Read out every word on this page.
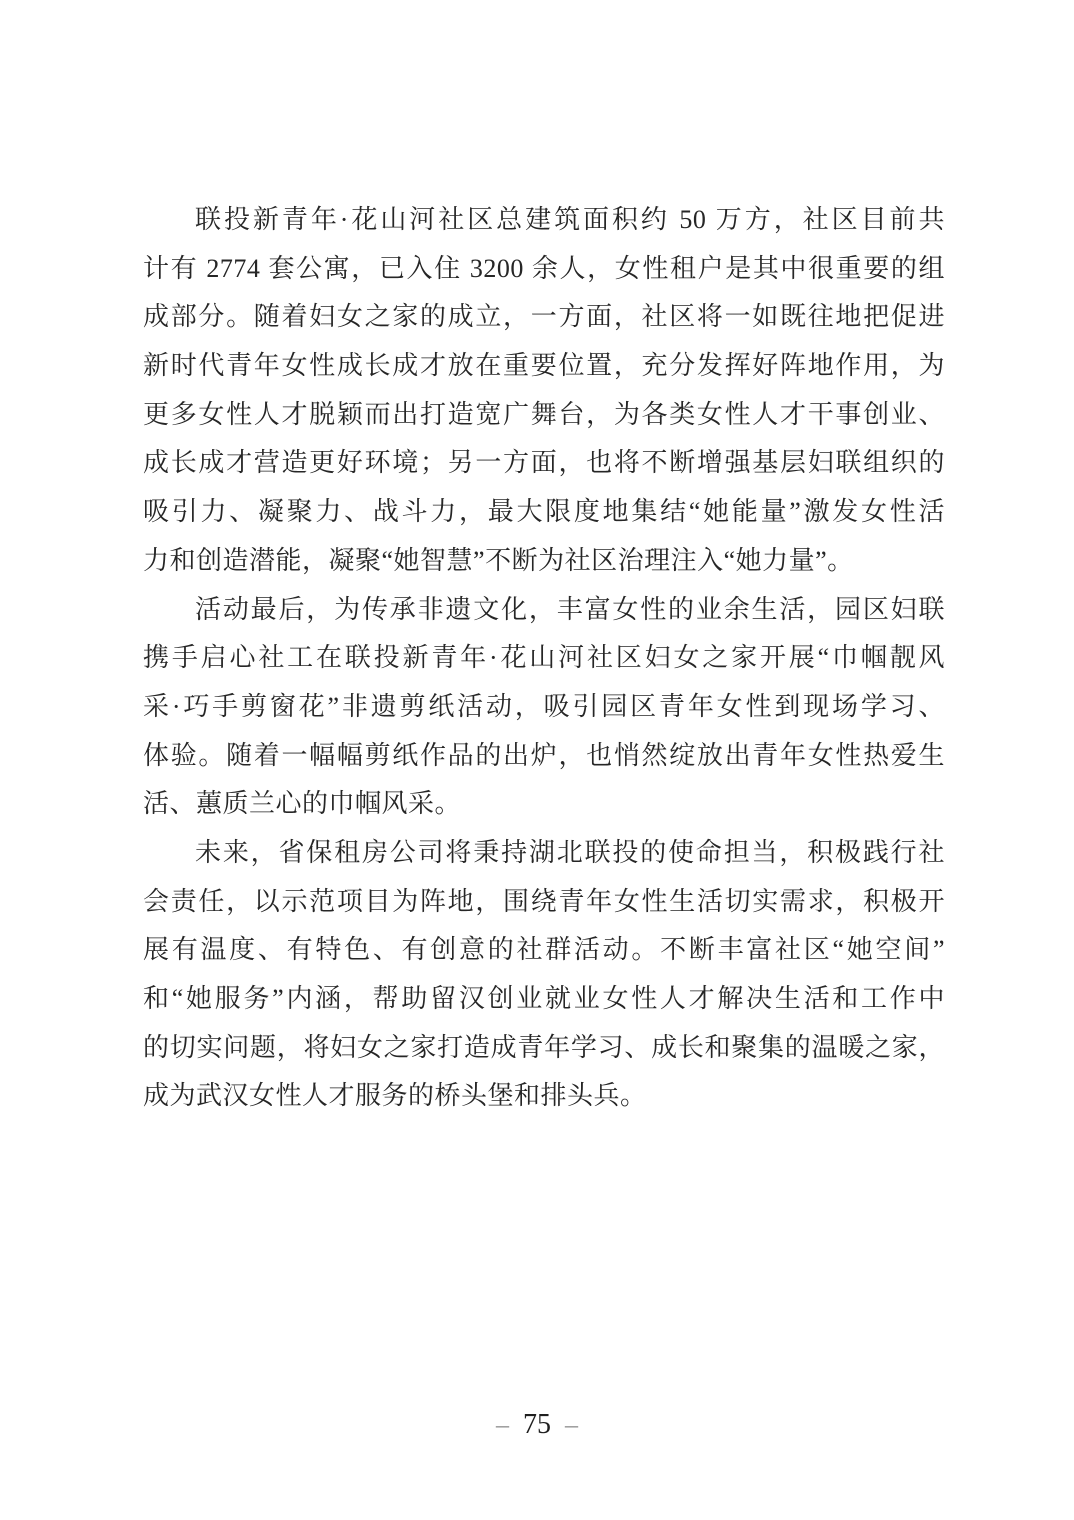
联投新青年·花山河社区总建筑面积约 50 万方，社区目前共
计有 2774 套公寓，已入住 3200 余人，女性租户是其中很重要的组
成部分。随着妇女之家的成立，一方面，社区将一如既往地把促进
新时代青年女性成长成才放在重要位置，充分发挥好阵地作用，为
更多女性人才脱颖而出打造宽广舞台，为各类女性人才干事创业、
成长成才营造更好环境；另一方面，也将不断增强基层妇联组织的
吸引力、凝聚力、战斗力，最大限度地集结“她能量”激发女性活
力和创造潜能，凝聚“她智慧”不断为社区治理注入“她力量”。
活动最后，为传承非遗文化，丰富女性的业余生活，园区妇联
携手启心社工在联投新青年·花山河社区妇女之家开展“巾帼靓风
采·巧手剪窗花”非遗剪纸活动，吸引园区青年女性到现场学习、
体验。随着一幅幅剪纸作品的出炉，也悄然绽放出青年女性热爱生
活、蕙质兰心的巾帼风采。
未来，省保租房公司将秉持湖北联投的使命担当，积极践行社
会责任，以示范项目为阵地，围绕青年女性生活切实需求，积极开
展有温度、有特色、有创意的社群活动。不断丰富社区“她空间”
和“她服务”内涵，帮助留汉创业就业女性人才解决生活和工作中
的切实问题，将妇女之家打造成青年学习、成长和聚集的温暖之家，
成为武汉女性人才服务的桥头堡和排头兵。
– 75 –
